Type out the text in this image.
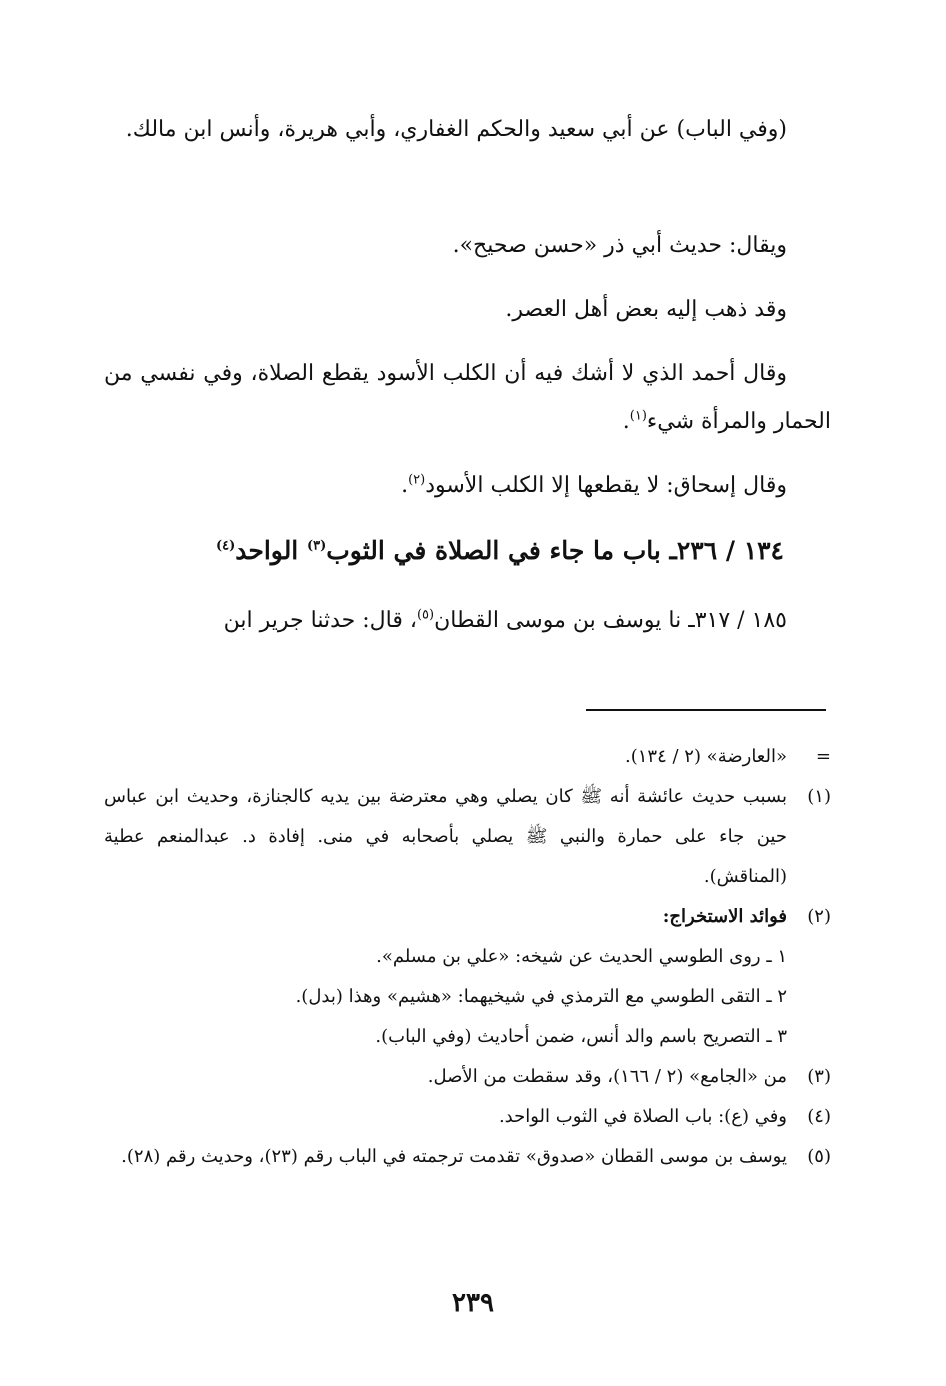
(وفي الباب) عن أبي سعيد والحكم الغفاري، وأبي هريرة، وأنس ابن مالك.
ويقال: حديث أبي ذر «حسن صحيح».
وقد ذهب إليه بعض أهل العصر.
وقال أحمد الذي لا أشك فيه أن الكلب الأسود يقطع الصلاة، وفي نفسي من الحمار والمرأة شيء$^{(١)}$.
وقال إسحاق: لا يقطعها إلا الكلب الأسود$^{(٢)}$.
١٣٤ / ٢٣٦ـ باب ما جاء في الصلاة في الثوب$^{(٣)}$ الواحد$^{(٤)}$
١٨٥ / ٣١٧ـ نا يوسف بن موسى القطان$^{(٥)}$، قال: حدثنا جرير ابن
=
«العارضة» (٢ / ١٣٤).
(١)
بسبب حديث عائشة أنه ﷺ كان يصلي وهي معترضة بين يديه كالجنازة، وحديث ابن عباس حين جاء على حمارة والنبي ﷺ يصلي بأصحابه في منى. إفادة د. عبدالمنعم عطية (المناقش).
(٢)
فوائد الاستخراج:
١ ـ روى الطوسي الحديث عن شيخه: «علي بن مسلم».
٢ ـ التقى الطوسي مع الترمذي في شيخيهما: «هشيم» وهذا (بدل).
٣ ـ التصريح باسم والد أنس، ضمن أحاديث (وفي الباب).
(٣)
من «الجامع» (٢ / ١٦٦)، وقد سقطت من الأصل.
(٤)
وفي (ع): باب الصلاة في الثوب الواحد.
(٥)
يوسف بن موسى القطان «صدوق» تقدمت ترجمته في الباب رقم (٢٣)، وحديث رقم (٢٨).
٢٣٩
